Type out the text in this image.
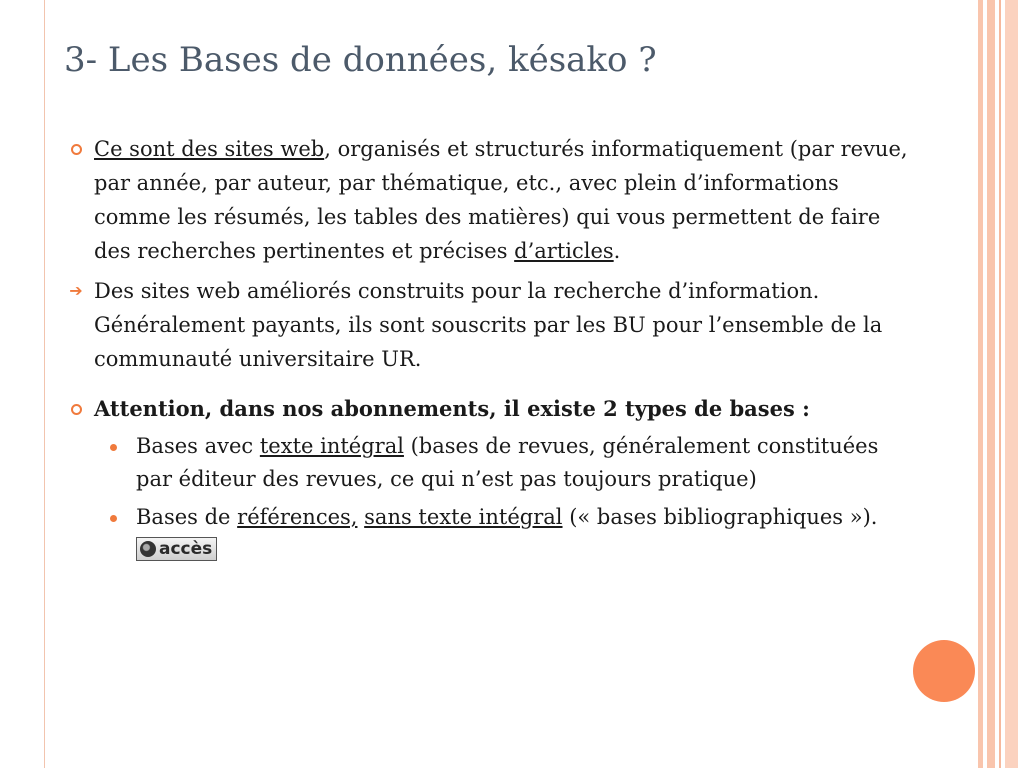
3- Les Bases de données, késako ?
Ce sont des sites web, organisés et structurés informatiquement (par revue, par année, par auteur, par thématique, etc., avec plein d’informations comme les résumés, les tables des matières) qui vous permettent de faire des recherches pertinentes et précises d’articles.
➔ Des sites web améliorés construits pour la recherche d’information. Généralement payants, ils sont souscrits par les BU pour l’ensemble de la communauté universitaire UR.
Attention, dans nos abonnements, il existe 2 types de bases :
Bases avec texte intégral (bases de revues, généralement constituées par éditeur des revues, ce qui n’est pas toujours pratique)
Bases de références, sans texte intégral (« bases bibliographiques »).

accès
